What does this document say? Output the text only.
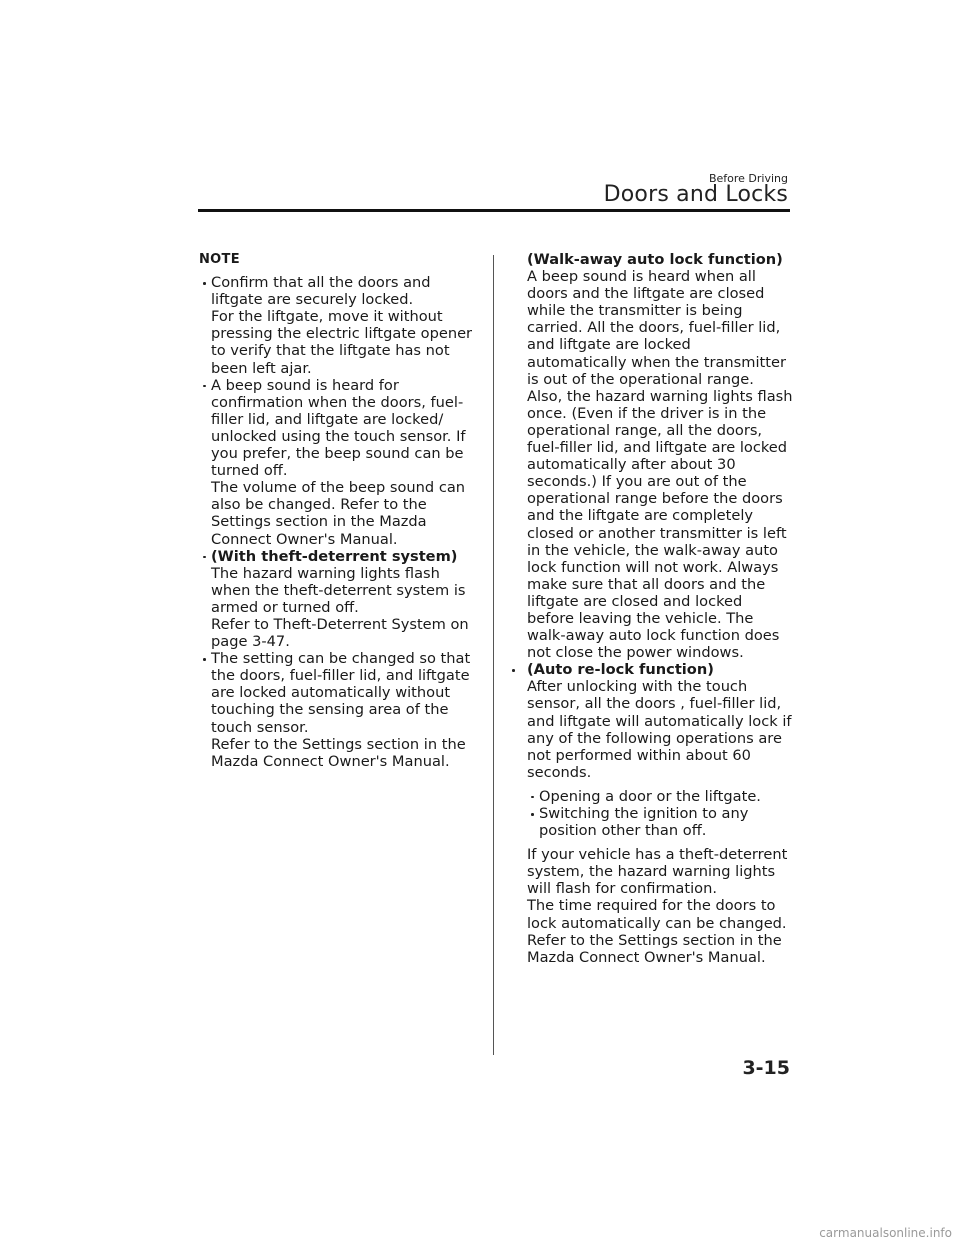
Before Driving
Doors and Locks
NOTE

Confirm that all the doors and liftgate are securely locked.

For the liftgate, move it without pressing the electric liftgate opener to verify that the liftgate has not been left ajar.

A beep sound is heard for confirmation when the doors, fuel-filler lid, and liftgate are locked/ unlocked using the touch sensor. If you prefer, the beep sound can be turned off.

The volume of the beep sound can also be changed. Refer to the Settings section in the Mazda Connect Owner's Manual.

(With theft-deterrent system)

The hazard warning lights flash when the theft-deterrent system is armed or turned off.

Refer to Theft-Deterrent System on page 3-47.

The setting can be changed so that the doors, fuel-filler lid, and liftgate are locked automatically without touching the sensing area of the touch sensor.

Refer to the Settings section in the Mazda Connect Owner's Manual.

(Walk-away auto lock function)

A beep sound is heard when all doors and the liftgate are closed while the transmitter is being carried. All the doors, fuel-filler lid, and liftgate are locked automatically when the transmitter is out of the operational range. Also, the hazard warning lights flash once. (Even if the driver is in the operational range, all the doors, fuel-filler lid, and liftgate are locked automatically after about 30 seconds.) If you are out of the operational range before the doors and the liftgate are completely closed or another transmitter is left in the vehicle, the walk-away auto lock function will not work. Always make sure that all doors and the liftgate are closed and locked before leaving the vehicle. The walk-away auto lock function does not close the power windows.

(Auto re-lock function)

After unlocking with the touch sensor, all the doors , fuel-filler lid, and liftgate will automatically lock if any of the following operations are not performed within about 60 seconds.

Opening a door or the liftgate.
Switching the ignition to any position other than off.

If your vehicle has a theft-deterrent system, the hazard warning lights will flash for confirmation.

The time required for the doors to lock automatically can be changed. Refer to the Settings section in the Mazda Connect Owner's Manual.

3-15
carmanualsonline.info
